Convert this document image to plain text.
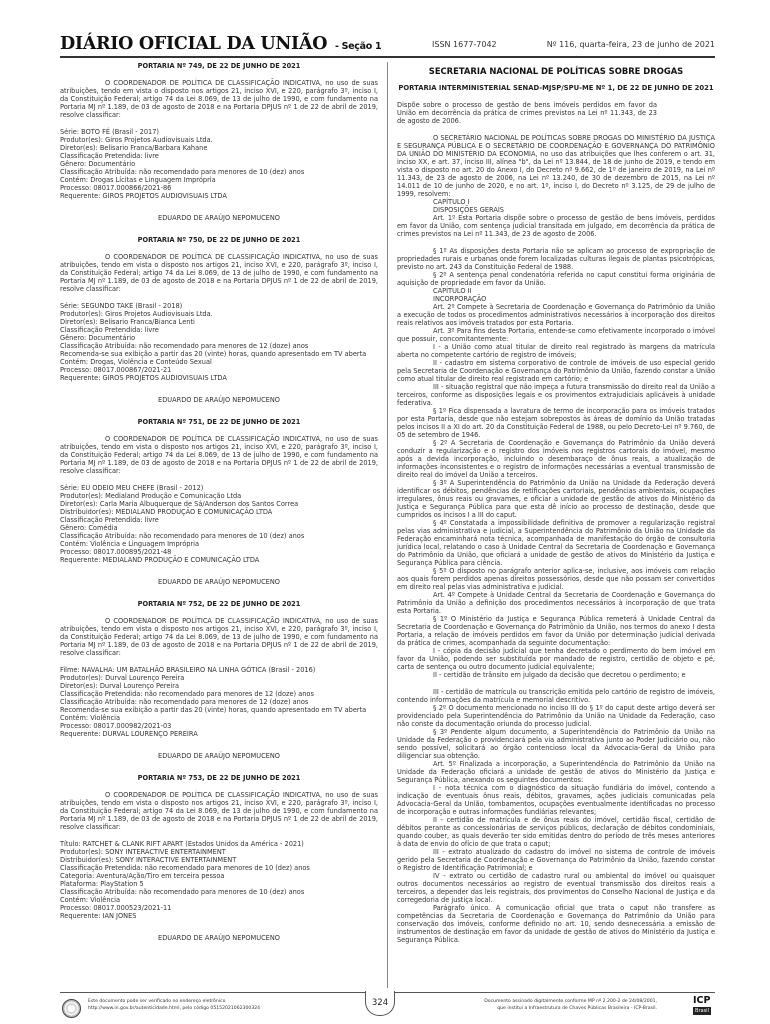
DIÁRIO OFICIAL DA UNIÃO - Seção 1	ISSN 1677-7042	Nº 116, quarta-feira, 23 de junho de 2021
PORTARIA Nº 749, DE 22 DE JUNHO DE 2021
O COORDENADOR DE POLÍTICA DE CLASSIFICAÇÃO INDICATIVA, no uso de suas atribuições, tendo em vista o disposto nos artigos 21, inciso XVI, e 220, parágrafo 3º, inciso I, da Constituição Federal; artigo 74 da Lei 8.069, de 13 de julho de 1990, e com fundamento na Portaria MJ nº 1.189, de 03 de agosto de 2018 e na Portaria DPJUS nº 1 de 22 de abril de 2019, resolve classificar:
Série: BOTO FÉ (Brasil - 2017)
Produtor(es): Giros Projetos Audiovisuais Ltda.
Diretor(es): Belisario Franca/Barbara Kahane
Classificação Pretendida: livre
Gênero: Documentário
Classificação Atribuída: não recomendado para menores de 10 (dez) anos
Contém: Drogas Lícitas e Linguagem Imprópria
Processo: 08017.000866/2021-86
Requerente: GIROS PROJETOS AUDIOVISUAIS LTDA
EDUARDO DE ARAÚJO NEPOMUCENO
PORTARIA Nº 750, DE 22 DE JUNHO DE 2021
O COORDENADOR DE POLÍTICA DE CLASSIFICAÇÃO INDICATIVA, no uso de suas atribuições, tendo em vista o disposto nos artigos 21, inciso XVI, e 220, parágrafo 3º, inciso I, da Constituição Federal; artigo 74 da Lei 8.069, de 13 de julho de 1990, e com fundamento na Portaria MJ nº 1.189, de 03 de agosto de 2018 e na Portaria DPJUS nº 1 de 22 de abril de 2019, resolve classificar:
Série: SEGUNDO TAKE (Brasil - 2018)
Produtor(es): Giros Projetos Audiovisuais Ltda.
Diretor(es): Belisario Franca/Bianca Lenti
Classificação Pretendida: livre
Gênero: Documentário
Classificação Atribuída: não recomendado para menores de 12 (doze) anos
Recomenda-se sua exibição a partir das 20 (vinte) horas, quando apresentado em TV aberta
Contém: Drogas, Violência e Conteúdo Sexual
Processo: 08017.000867/2021-21
Requerente: GIROS PROJETOS AUDIOVISUAIS LTDA
EDUARDO DE ARAÚJO NEPOMUCENO
PORTARIA Nº 751, DE 22 DE JUNHO DE 2021
O COORDENADOR DE POLÍTICA DE CLASSIFICAÇÃO INDICATIVA, no uso de suas atribuições, tendo em vista o disposto nos artigos 21, inciso XVI, e 220, parágrafo 3º, inciso I, da Constituição Federal; artigo 74 da Lei 8.069, de 13 de julho de 1990, e com fundamento na Portaria MJ nº 1.189, de 03 de agosto de 2018 e na Portaria DPJUS nº 1 de 22 de abril de 2019, resolve classificar:
Série: EU ODEIO MEU CHEFE (Brasil - 2012)
Produtor(es): Medialand Produção e Comunicação Ltda
Diretor(es): Carla Maria Albuquerque de Sá/Anderson dos Santos Correa
Distribuidor(es): MEDIALAND PRODUÇÃO E COMUNICAÇÃO LTDA
Classificação Pretendida: livre
Gênero: Comédia
Classificação Atribuída: não recomendado para menores de 10 (dez) anos
Contém: Violência e Linguagem Imprópria
Processo: 08017.000895/2021-48
Requerente: MEDIALAND PRODUÇÃO E COMUNICAÇÃO LTDA
EDUARDO DE ARAÚJO NEPOMUCENO
PORTARIA Nº 752, DE 22 DE JUNHO DE 2021
O COORDENADOR DE POLÍTICA DE CLASSIFICAÇÃO INDICATIVA, no uso de suas atribuições, tendo em vista o disposto nos artigos 21, inciso XVI, e 220, parágrafo 3º, inciso I, da Constituição Federal; artigo 74 da Lei 8.069, de 13 de julho de 1990, e com fundamento na Portaria MJ nº 1.189, de 03 de agosto de 2018 e na Portaria DPJUS nº 1 de 22 de abril de 2019, resolve classificar:
Filme: NAVALHA: UM BATALHÃO BRASILEIRO NA LINHA GÓTICA (Brasil - 2016)
Produtor(es): Durval Lourenço Pereira
Diretor(es): Durval Lourenço Pereira
Classificação Pretendida: não recomendado para menores de 12 (doze) anos
Classificação Atribuída: não recomendado para menores de 12 (doze) anos
Recomenda-se sua exibição a partir das 20 (vinte) horas, quando apresentado em TV aberta
Contém: Violência
Processo: 08017.000982/2021-03
Requerente: DURVAL LOURENÇO PEREIRA
EDUARDO DE ARAÚJO NEPOMUCENO
PORTARIA Nº 753, DE 22 DE JUNHO DE 2021
O COORDENADOR DE POLÍTICA DE CLASSIFICAÇÃO INDICATIVA, no uso de suas atribuições, tendo em vista o disposto nos artigos 21, inciso XVI, e 220, parágrafo 3º, inciso I, da Constituição Federal; artigo 74 da Lei 8.069, de 13 de julho de 1990, e com fundamento na Portaria MJ nº 1.189, de 03 de agosto de 2018 e na Portaria DPJUS nº 1 de 22 de abril de 2019, resolve classificar:
Título: RATCHET & CLANK RIFT APART (Estados Unidos da América - 2021)
Produtor(es): SONY INTERACTIVE ENTERTAINMENT
Distribuidor(es): SONY INTERACTIVE ENTERTAINMENT
Classificação Pretendida: não recomendado para menores de 10 (dez) anos
Categoria: Aventura/Ação/Tiro em terceira pessoa
Plataforma: PlayStation 5
Classificação Atribuída: não recomendado para menores de 10 (dez) anos
Contém: Violência
Processo: 08017.000523/2021-11
Requerente: IAN JONES
EDUARDO DE ARAÚJO NEPOMUCENO
SECRETARIA NACIONAL DE POLÍTICAS SOBRE DROGAS
PORTARIA INTERMINISTERIAL SENAD-MJSP/SPU-ME Nº 1, DE 22 DE JUNHO DE 2021
Dispõe sobre o processo de gestão de bens imóveis perdidos em favor da União em decorrência da prática de crimes previstos na Lei nº 11.343, de 23 de agosto de 2006.
O SECRETÁRIO NACIONAL DE POLÍTICAS SOBRE DROGAS DO MINISTÉRIO DA JUSTIÇA E SEGURANÇA PÚBLICA E O SECRETÁRIO DE COORDENAÇÃO E GOVERNANÇA DO PATRIMÔNIO DA UNIÃO DO MINISTÉRIO DA ECONOMIA, no uso das atribuições que lhes conferem o art. 31, inciso XX, e art. 37, inciso III, alínea "b", da Lei nº 13.844, de 18 de junho de 2019, e tendo em vista o disposto no art. 20 do Anexo I, do Decreto nº 9.662, de 1º de janeiro de 2019, na Lei nº 11.343, de 23 de agosto de 2006, na Lei nº 13.240, de 30 de dezembro de 2015, na Lei nº 14.011 de 10 de junho de 2020, e no art. 1º, inciso I, do Decreto nº 3.125, de 29 de julho de 1999, resolvem:
CAPÍTULO I
DISPOSIÇÕES GERAIS
Art. 1º Esta Portaria dispõe sobre o processo de gestão de bens imóveis, perdidos em favor da União, com sentença judicial transitada em julgado, em decorrência da prática de crimes previstos na Lei nº 11.343, de 23 de agosto de 2006.
§ 1º As disposições desta Portaria não se aplicam ao processo de expropriação de propriedades rurais e urbanas onde forem localizadas culturas ilegais de plantas psicotrópicas, previsto no art. 243 da Constituição Federal de 1988.
§ 2º A sentença penal condenatória referida no caput constitui forma originária de aquisição de propriedade em favor da União.
CAPÍTULO II
INCORPORAÇÃO
Art. 2º Compete à Secretaria de Coordenação e Governança do Patrimônio da União a execução de todos os procedimentos administrativos necessários à incorporação dos direitos reais relativos aos imóveis tratados por esta Portaria.
Art. 3º Para fins desta Portaria, entende-se como efetivamente incorporado o imóvel que possuir, concomitantemente:
I - a União como atual titular de direito real registrado às margens da matrícula aberta no competente cartório de registro de imóveis;
II - cadastro em sistema corporativo de controle de imóveis de uso especial gerido pela Secretaria de Coordenação e Governança do Patrimônio da União, fazendo constar a União como atual titular de direito real registrado em cartório; e
III - situação registral que não impeça a futura transmissão do direito real da União a terceiros, conforme as disposições legais e os provimentos extrajudiciais aplicáveis à unidade federativa.
§ 1º Fica dispensada a lavratura de termo de incorporação para os imóveis tratados por esta Portaria, desde que não estejam sobrepostos às áreas de domínio da União tratadas pelos incisos II a XI do art. 20 da Constituição Federal de 1988, ou pelo Decreto-Lei nº 9.760, de 05 de setembro de 1946.
§ 2º A Secretaria de Coordenação e Governança do Patrimônio da União deverá conduzir a regularização e o registro dos imóveis nos registros cartorais do imóvel, mesmo após a devida incorporação, incluindo o desembaraço de ônus reais, a atualização de informações inconsistentes e o registro de informações necessárias a eventual transmissão de direito real do imóvel da União a terceiros.
§ 3º A Superintendência do Patrimônio da União na Unidade da Federação deverá identificar os débitos, pendências de retificações cartoriais, pendências ambientais, ocupações irregulares, ônus reais ou gravames, e oficiar a unidade de gestão de ativos do Ministério da Justiça e Segurança Pública para que esta dê início ao processo de destinação, desde que cumpridos os incisos I a III do caput.
§ 4º Constatada a impossibilidade definitiva de promover a regularização registral pelas vias administrativa e judicial, a Superintendência do Patrimônio da União na Unidade da Federação encaminhará nota técnica, acompanhada de manifestação do órgão de consultoria jurídica local, relatando o caso à Unidade Central da Secretaria de Coordenação e Governança do Patrimônio da União, que oficiará a unidade de gestão de ativos do Ministério da Justiça e Segurança Pública para ciência.
§ 5º O disposto no parágrafo anterior aplica-se, inclusive, aos imóveis com relação aos quais forem perdidos apenas direitos possessórios, desde que não possam ser convertidos em direito real pelas vias administrativa e judicial.
Art. 4º Compete à Unidade Central da Secretaria de Coordenação e Governança do Patrimônio da União a definição dos procedimentos necessários à incorporação de que trata esta Portaria.
§ 1º O Ministério da Justiça e Segurança Pública remeterá à Unidade Central da Secretaria de Coordenação e Governança do Patrimônio da União, nos termos do anexo I desta Portaria, a relação de imóveis perdidos em favor da União por determinação judicial derivada da prática de crimes, acompanhada da seguinte documentação:
I - cópia da decisão judicial que tenha decretado o perdimento do bem imóvel em favor da União, podendo ser substituída por mandado de registro, certidão de objeto e pé, carta de sentença ou outro documento judicial equivalente;
II - certidão de trânsito em julgado da decisão que decretou o perdimento; e
III - certidão de matrícula ou transcrição emitida pelo cartório de registro de imóveis, contendo informações da matrícula e memorial descritivo.
§ 2º O documento mencionado no inciso III do § 1º do caput deste artigo deverá ser providenciado pela Superintendência do Patrimônio da União na Unidade da Federação, caso não conste da documentação oriunda do processo judicial.
§ 3º Pendente algum documento, a Superintendência do Patrimônio da União na Unidade da Federação o providenciará pela via administrativa junto ao Poder Judiciário ou, não sendo possível, solicitará ao órgão contencioso local da Advocacia-Geral da União para diligenciar sua obtenção.
Art. 5º Finalizada a incorporação, a Superintendência do Patrimônio da União na Unidade da Federação oficiará a unidade de gestão de ativos do Ministério da Justiça e Segurança Pública, anexando os seguintes documentos:
I - nota técnica com o diagnóstico da situação fundiária do imóvel, contendo a indicação de eventuais ônus reais, débitos, gravames, ações judiciais comunicadas pela Advocacia-Geral da União, tombamentos, ocupações eventualmente identificadas no processo de incorporação e outras informações fundiárias relevantes;
II - certidão de matrícula e de ônus reais do imóvel, certidão fiscal, certidão de débitos perante as concessionárias de serviços públicos, declaração de débitos condominiais, quando couber, as quais deverão ter sido emitidas dentro do período de três meses anteriores à data de envio do ofício de que trata o caput;
III - extrato atualizado do cadastro do imóvel no sistema de controle de imóveis gerido pela Secretaria de Coordenação e Governança do Patrimônio da União, fazendo constar o Registro de Identificação Patrimonial; e
IV - extrato ou certidão de cadastro rural ou ambiental do imóvel ou quaisquer outros documentos necessários ao registro de eventual transmissão dos direitos reais a terceiros, a depender das leis registrais, dos provimentos do Conselho Nacional de Justiça e da corregedoria de justiça local.
Parágrafo único. A comunicação oficial que trata o caput não transfere as competências da Secretaria de Coordenação e Governança do Patrimônio da União para conservação dos imóveis, conforme definido no art. 10, sendo desnecessária a emissão de instrumentos de destinação em favor da unidade de gestão de ativos do Ministério da Justiça e Segurança Pública.
Este documento pode ser verificado no endereço eletrônico
http://www.in.gov.br/autenticidade.html, pelo código 05152021062300324	324	Documento assinado digitalmente conforme MP nº 2.200-2 de 24/08/2001,
que institui a Infraestrutura de Chaves Públicas Brasileira - ICP-Brasil.
ICP
Brasil
